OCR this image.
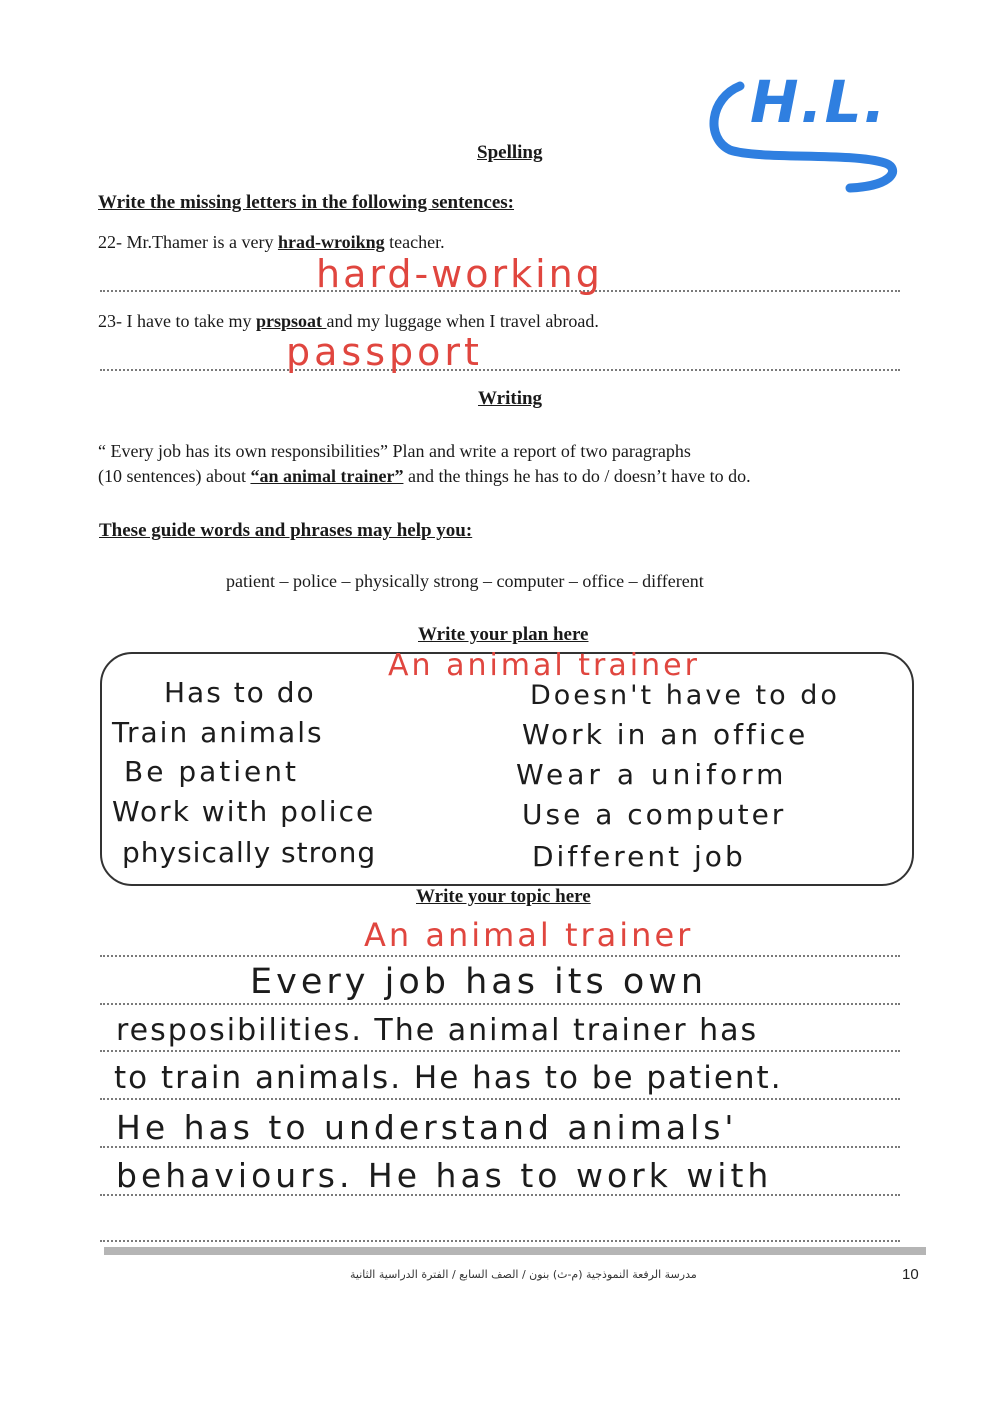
H.L.
Spelling
Write the missing letters in the following sentences:
22- Mr.Thamer is a very hrad-wroikng teacher.
hard-working
23- I have to take my prspsoat and my luggage when I travel abroad.
passport
Writing
“ Every job has its own responsibilities” Plan and write a report of two paragraphs
(10 sentences) about “an animal trainer” and the things he has to do / doesn’t have to do.
These guide words and phrases may help you:
patient – police – physically strong – computer – office – different
Write your plan here
An animal trainer
Has to do
Train animals
Be patient
Work with police
physically strong
Doesn't have to do
Work in an office
Wear a uniform
Use a computer
Different job
Write your topic here
An animal trainer
Every job has its own
resposibilities. The animal trainer has
to train animals. He has to be patient.
He has to understand animals'
behaviours. He has to work with
مدرسة الرفعة النموذجية (م-ث) بنون / الصف السابع / الفترة الدراسية الثانية	10
